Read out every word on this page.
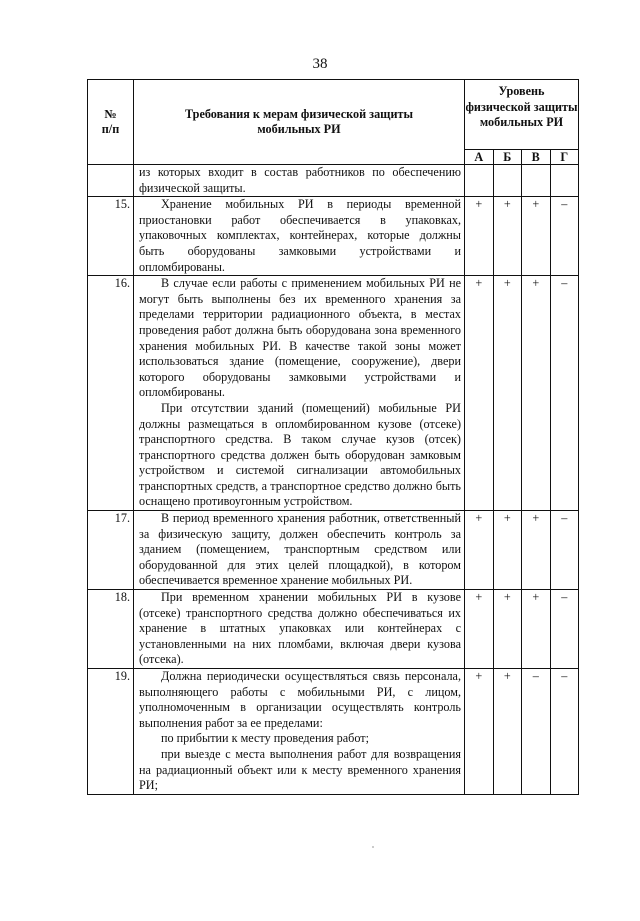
38
№
п/п	Требования к мерам физической защиты мобильных РИ	Уровень физической защиты мобильных РИ			
		А	Б	В	Г

	из которых входит в состав работников по обеспечению физической защиты.				

15.	Хранение мобильных РИ в периоды временной приостановки работ обеспечивается в упаковках, упаковочных комплектах, контейнерах, которые должны быть оборудованы замковыми устройствами и опломбированы.	+	+	+	–
16.	В случае если работы с применением мобильных РИ не могут быть выполнены без их временного хранения за пределами территории радиационного объекта, в местах проведения работ должна быть оборудована зона временного хранения мобильных РИ. В качестве такой зоны может использоваться здание (помещение, сооружение), двери которого оборудованы замковыми устройствами и опломбированы.

При отсутствии зданий (помещений) мобильные РИ должны размещаться в опломбированном кузове (отсеке) транспортного средства. В таком случае кузов (отсек) транспортного средства должен быть оборудован замковым устройством и системой сигнализации автомобильных транспортных средств, а транспортное средство должно быть оснащено противоугонным устройством.	+	+	+	–
17.	В период временного хранения работник, ответственный за физическую защиту, должен обеспечить контроль за зданием (помещением, транспортным средством или оборудованной для этих целей площадкой), в котором обеспечивается временное хранение мобильных РИ.	+	+	+	–
18.	При временном хранении мобильных РИ в кузове (отсеке) транспортного средства должно обеспечиваться их хранение в штатных упаковках или контейнерах с установленными на них пломбами, включая двери кузова (отсека).	+	+	+	–
19.	Должна периодически осуществляться связь персонала, выполняющего работы с мобильными РИ, с лицом, уполномоченным в организации осуществлять контроль выполнения работ за ее пределами:

по прибытии к месту проведения работ;

при выезде с места выполнения работ для возвращения на радиационный объект или к месту временного хранения РИ;	+	+	–	–
